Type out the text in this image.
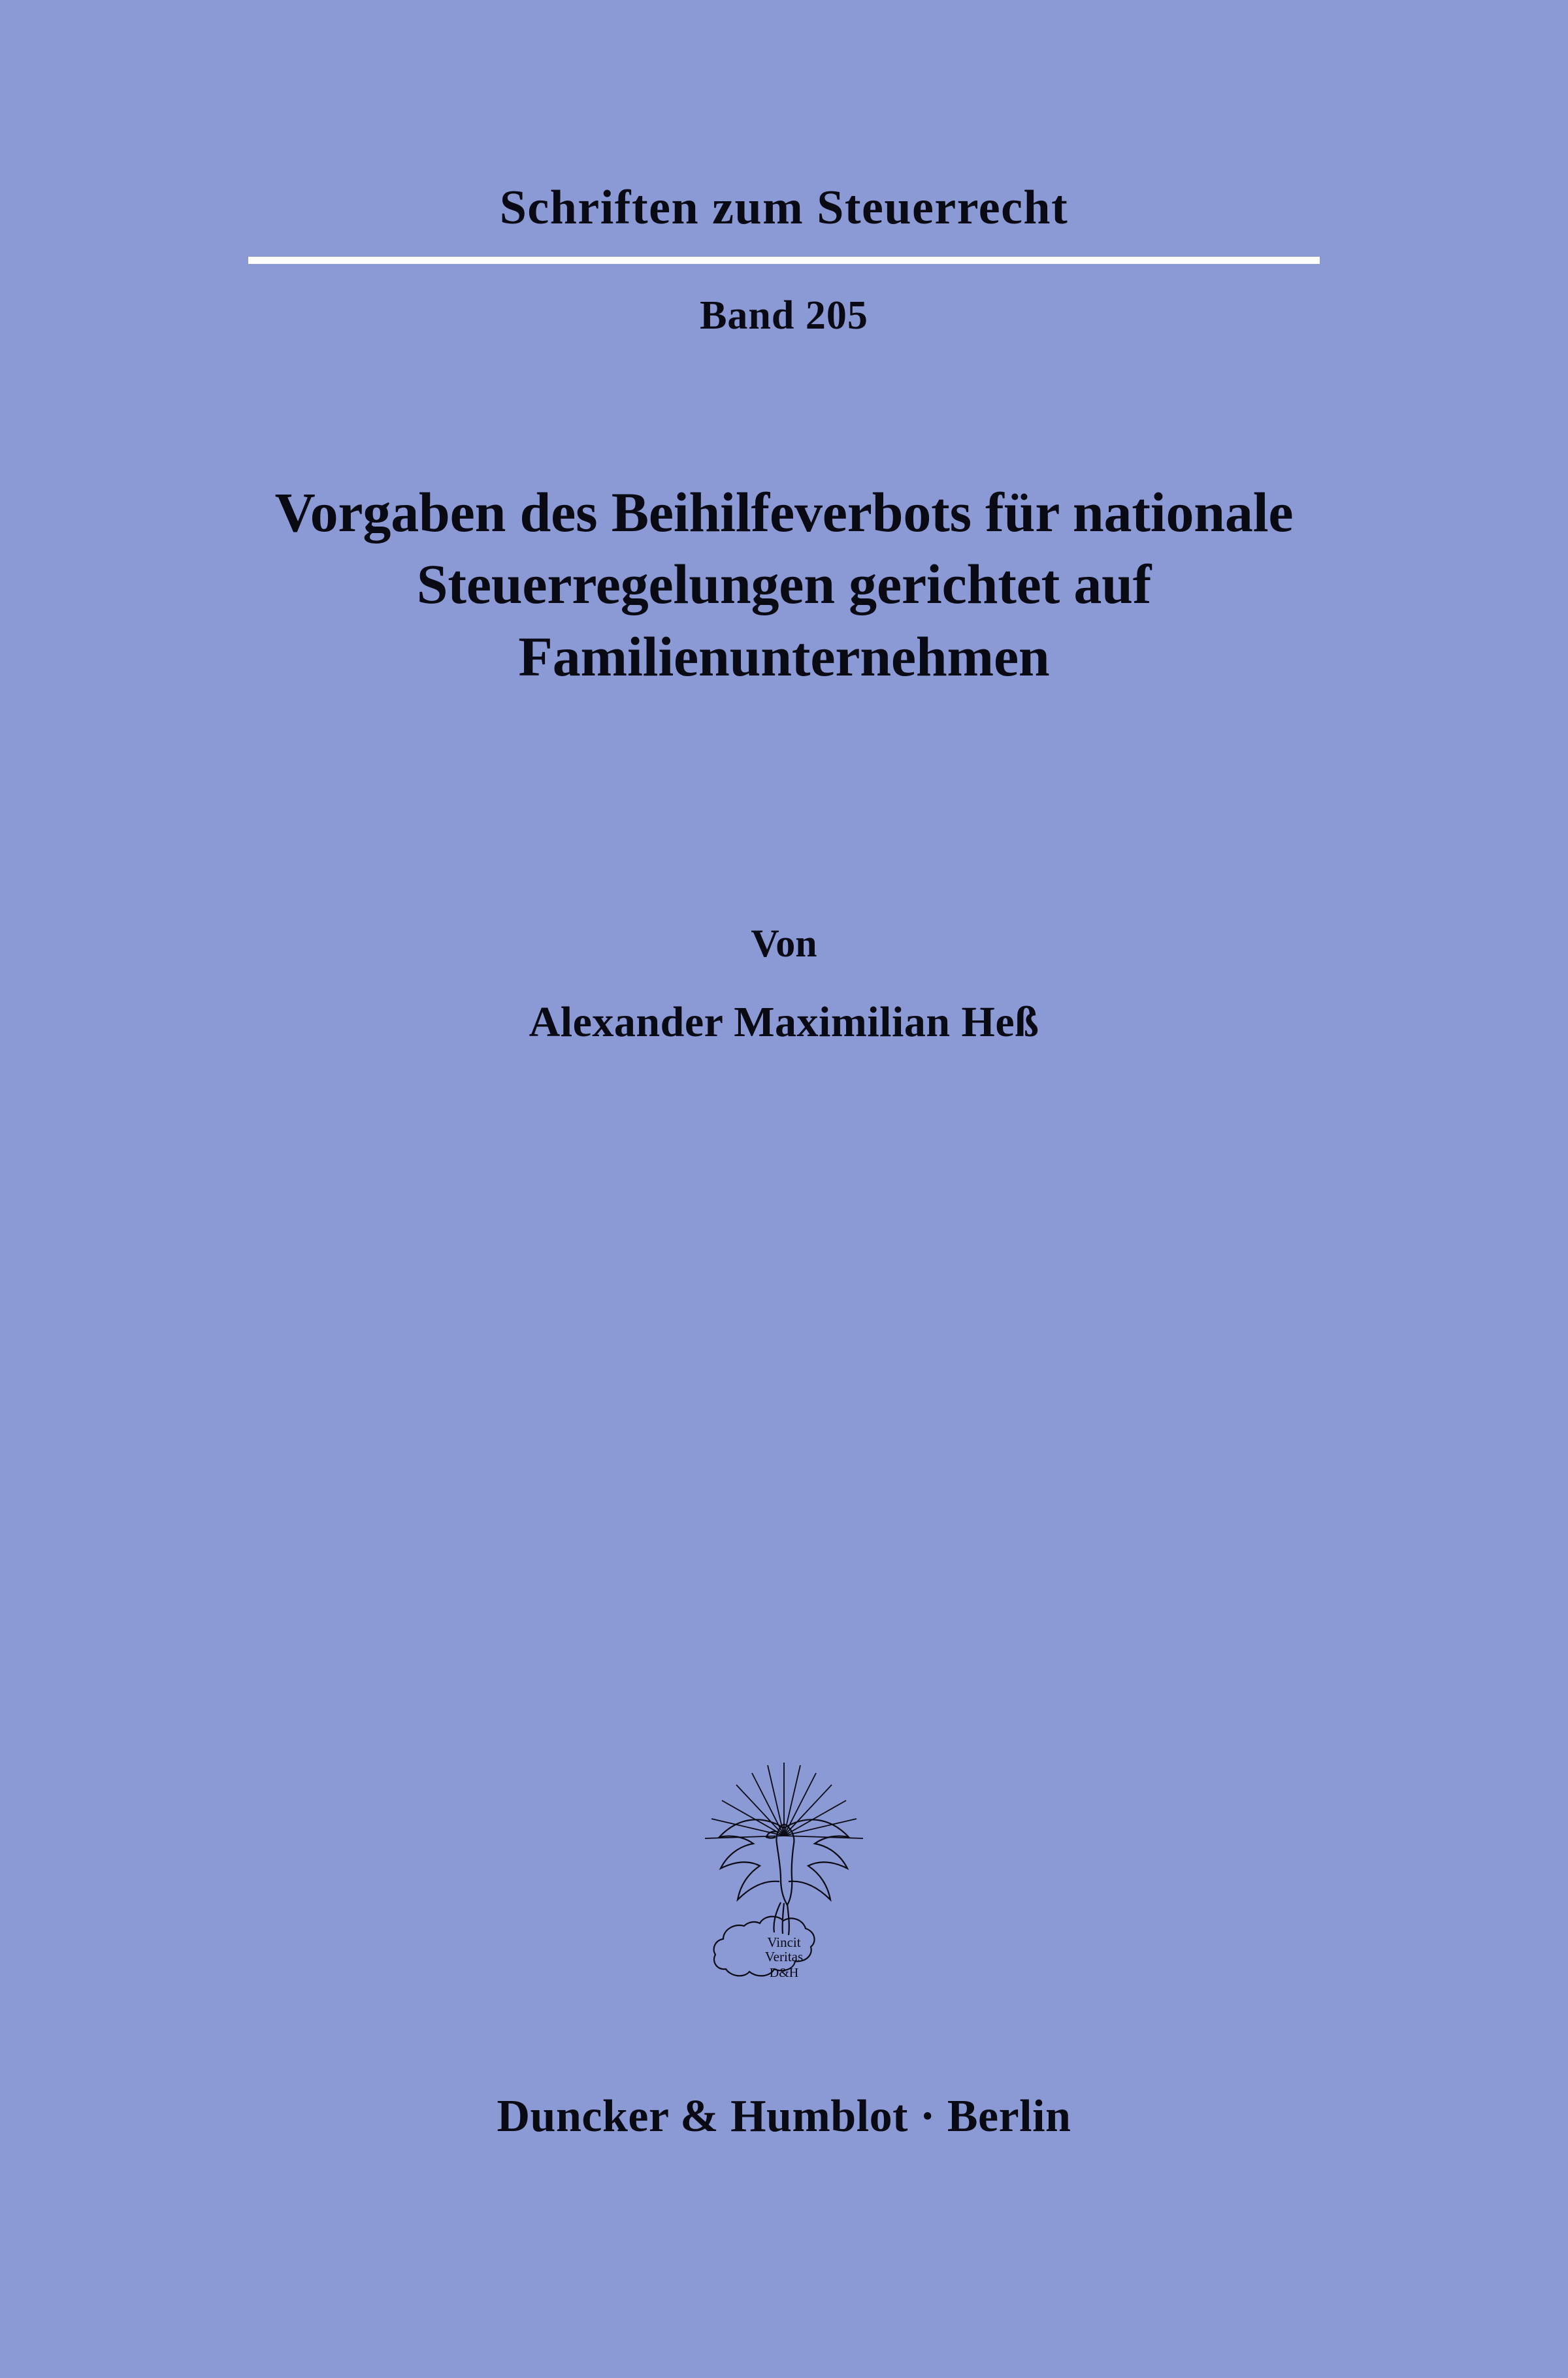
Schriften zum Steuerrecht
Band 205
Vorgaben des Beihilfeverbots für nationale Steuerregelungen gerichtet auf Familienunternehmen
Von
Alexander Maximilian Heß
Vincit
Veritas
D&H
Duncker & Humblot · Berlin
